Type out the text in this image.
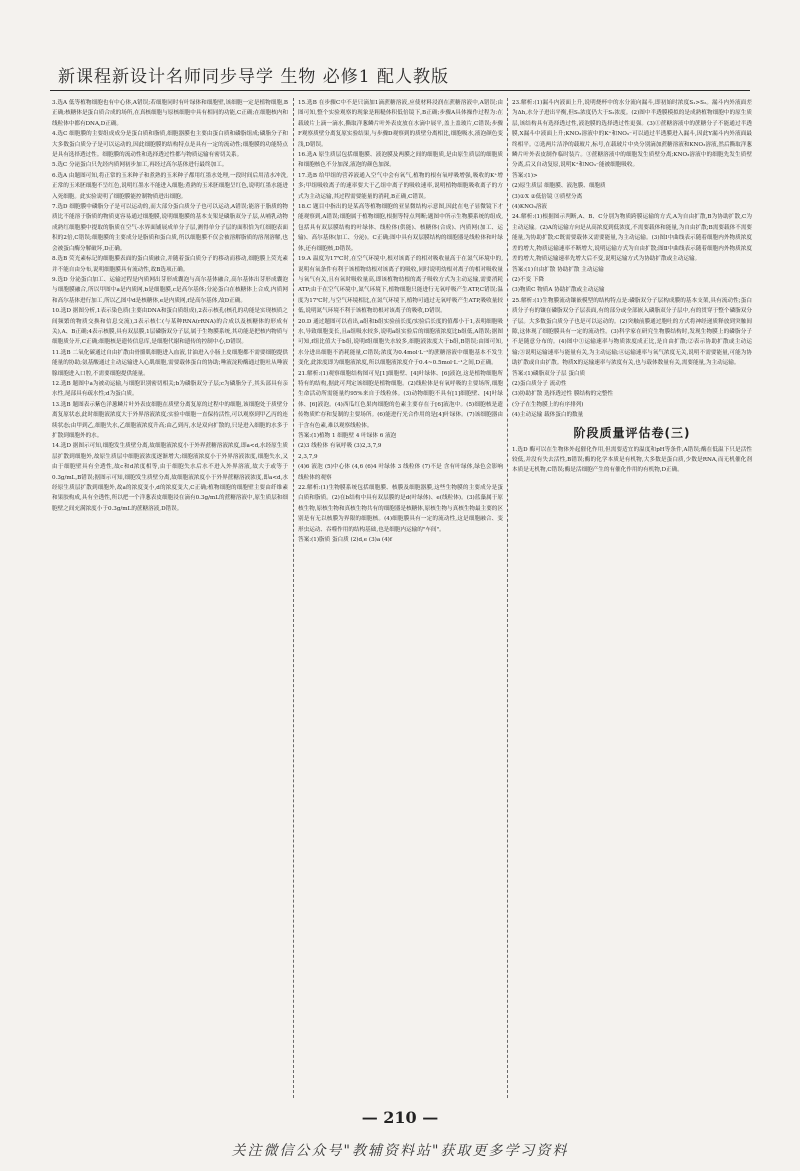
新课程新设计名师同步导学 生物 必修1 配人教版

3.选A 低等植物细胞也有中心体,A错误;若细胞同时有叶绿体和细胞壁,该细胞一定是植物细胞,B正确;核糖体是蛋白质合成的场所,在真核细胞与原核细胞中具有相同的功能,C正确;在细胞核内和线粒体中都有DNA,D正确。

4.选C 细胞膜的主要组成成分是蛋白质和脂质,细胞器膜也主要由蛋白质和磷脂组成;磷脂分子和大多数蛋白质分子是可以运动的,因此细胞膜的结构特点是具有一定的流动性;细胞膜的功能特点是具有选择透过性。细胞膜的流动性和选择透过性都与物质运输有密切关系。

5.选C 分泌蛋白只先经内质网初步加工,再经过高尔基体进行最终加工。

6.选A 由题图可知,将正常的玉米种子和煮熟的玉米种子都用红墨水处理,一段时间后用清水冲洗,正常的玉米胚细胞不呈红色,说明红墨水不能进入细胞;煮熟的玉米胚细胞呈红色,说明红墨水能进入死细胞。此实验说明了细胞膜能控制物质进出细胞。

7.选D 细胞膜中磷脂分子是可以运动的,而大部分蛋白质分子也可以运动,A错误;能溶于脂质的物质比不能溶于脂质的物质更容易通过细胞膜,说明细胞膜的基本支架是磷脂双分子层,从哺乳动物成熟红细胞膜中提取的脂质在空气-水界面铺展成单分子层,测得单分子层的面积恰为红细胞表面积的2倍,C错误;细胞膜的主要成分是脂质和蛋白质,所以细胞膜不仅会被溶解脂质的溶剂溶解,也会被蛋白酶分解破坏,D正确。

8.选B 荧光素标记的细胞膜表面的蛋白质融合,并随着蛋白质分子的移动而移动,细胞膜上荧光素并不能自由分布,说明细胞膜具有流动性,故B选项正确。

9.选D 分泌蛋白加工、运输过程是内质网出芽形成囊泡与高尔基体融合,高尔基体出芽形成囊泡与细胞膜融合,所以甲图中a是内质网,b是细胞膜,c是高尔基体;分泌蛋白在核糖体上合成,内质网和高尔基体进行加工,所以乙图中d是核糖体,e是内质网,f是高尔基体,故D正确。

10.选D 据图分析,1表示染色质(主要由DNA和蛋白质组成),2表示核孔(核孔的功能是实现核质之间频繁的物质交换和信息交流),3表示核仁(与某种RNA(rRNA)的合成以及核糖体的形成有关),A、B正确;4表示核膜,具有双层膜,1层磷脂双分子层,属于生物膜系统,其功能是把核内物质与细胞质分开,C正确;细胞核是遗传信息库,是细胞代谢和遗传的控制中心,D错误。

11.选B 二氧化碳通过自由扩散由骨骼肌细胞进入血液,甘油进入小肠上皮细胞都不需要细胞提供能量的协助;氨基酸通过主动运输进入心肌细胞,需要载体蛋白的协助;唾液淀粉酶通过胞吐从唾液腺细胞进入口腔,不需要细胞提供能量。

12.选B 题图中a为被动运输,与细胞识别密切相关;b为磷脂双分子层;c为磷脂分子,其头部具有亲水性,尾部具有疏水性;d为蛋白质。

13.选B 题图表示紫色洋葱鳞片叶外表皮细胞在质壁分离复原的过程中的细胞,该细胞处于质壁分离复原状态,此时细胞液浓度大于外界溶液浓度;实验中细胞一直保持活性,可以观察到甲乙丙的连续状态;由甲到乙,细胞失水,乙细胞液浓度升高;由乙到丙,水是双向扩散的,只是进入细胞的水多于扩散到细胞外的水。

14.选D 据图示可知,细胞发生质壁分离,故细胞液浓度小于外界蔗糖溶液浓度,即a<d,水经原生质层扩散到细胞外,故原生质层中细胞液浓度逐渐增大;细胞液浓度小于外界溶液浓度,细胞失水,又由于细胞壁具有全透性,故c和d浓度相等,由于细胞失水后水不进入外界溶液,故大于或等于0.3g/mL,B错误;据图示可知,细胞发生质壁分离,故细胞液浓度小于外界蔗糖溶液浓度,即a<d,水经原生质层扩散到细胞外,故a的浓度变小,d的浓度变大,C正确;植物细胞的细胞壁主要由纤维素和果胶构成,具有全透性,所以把一个洋葱表皮细胞浸在滴有0.3g/mL的蔗糖溶液中,原生质层和细胞壁之间充满浓度小于0.3g/mL的蔗糖溶液,D错误。

15.选B 在步骤C中不是只滴加1滴蔗糖溶液,应使材料浸润在蔗糖溶液中,A错误;由图可知,整个实验观察的现象是粗糙体积低倍镜下,B正确;步骤A具体操作过程为:在载玻片上滴一滴水,撕取洋葱鳞片叶外表皮放在水滴中展平,盖上盖玻片,C错误;步骤F观察质壁分离复原实验结果,与步骤D观察到的质壁分离相比,细胞吸水,液泡颜色变浅,D错误。

16.选A 原生质层包括细胞膜、液泡膜及两膜之间的细胞质,是由原生质层的细胞质和细胞核色不分加深,液泡的颜色加深。

17.选B 给甲组的营养液通入空气中会有氧气,植物的根有氧呼吸增强,吸收的K⁺增多;甲组吸收离子的速率要大于乙组中离子的吸收速率,说明植物细胞吸收离子的方式为主动运输,其过程需要能量的消耗,B正确,C错误。

18.C 题目中指出的是某高等植物细胞的亚显微结构示意图,因此在电子显微镜下才能观察到,A错误;细胞属于植物细胞,根据等特点判断;题图中所示生物膜系统的组成,包括具有双层膜结构的叶绿体、线粒体(供能)、核糖体(合成)、内质网(加工、运输)、高尔基体(加工、分泌)。C正确;图中具有双层膜结构的细胞器是线粒体和叶绿体,还有细胞核,D错误。

19.A 温度为17℃时,在空气环境中,根对该离子的相对吸收量高于在氮气环境中的,说明有氧条件有利于该植物幼根对该离子的吸收,同时说明幼根对离子的相对吸收量与氧气有关,且有氧时吸收量高,即该植物幼根的离子吸收方式为主动运输,需要消耗ATP;由于在空气环境中,氮气环境下,植物细胞只能进行无氧呼吸产生ATP,C错误;温度为17℃时,与空气环境相比,在氮气环境下,植物可通过无氧呼吸产生ATP,吸收量较低,说明氮气环境不利于该植物幼根对该离子的吸收,D错误。

20.D 通过题图可以看出,a组和b组实验前长度/实验后长度的值都小于1,表明细胞吸水,导致细胞变长,且a组吸水较多,说明a组实验后的细胞液浓度比b组低,A错误;据图可知,f组比值大于b组,说明f组细胞失水较多,细胞液浓度大于b组,B错误;由图可知,水分进出细胞不消耗能量,C错误;浓度为0.4mol·L⁻¹的蔗糖溶液中细胞基本不发生变化,此浓度即为细胞液浓度,所以细胞液浓度介于0.4~0.5mol·L⁻¹之间,D正确。

21.解析:(1)观察细胞结构图可见[1]细胞壁、[4]叶绿体、[6]液泡,这是植物细胞所特有的结构,据此可判定该细胞是植物细胞。(2)线粒体是有氧呼吸的主要场所,细胞生命活动所需能量约95%来自于线粒体。(3)动物细胞不具有[1]细胞壁、[4]叶绿体、[6]液泡。(4)西瓜红色果肉细胞的色素主要存在于[6]液泡中。(5)细胞核是遗传物质贮存和复制的主要场所。(6)能进行光合作用的是[4]叶绿体。(7)该细胞器由于含有色素,难以观察线粒体。

答案:(1)植物 1 细胞壁 4 叶绿体 6 液泡

(2)3 线粒体 有氧呼吸 (3)2,3,7,9

2,3,7,9

(4)6 液泡 (5)中心体 (4,6 (6)4 叶绿体 3 线粒体 (7)不是 含有叶绿体,绿色会影响线粒体的观察

22.解析:(1)生物膜系统包括细胞膜、核膜及细胞器膜,这些生物膜的主要成分是蛋白质和脂质。(2)在b结构中具有双层膜的是d(叶绿体)、e(线粒体)。(3)蓝藻属于原核生物,原核生物和真核生物共有的细胞器是核糖体,原核生物与真核生物最主要的区别是有无以核膜为界限的细胞核。(4)细胞膜具有一定的流动性,这是细胞融合、变形虫运动、吞噬作用的结构基础,也是细胞内运输的"车间"。

答案:(1)脂质 蛋白质 (2)d,e (3)a (4)f

23.解析:(1)漏斗内液面上升,说明烧杯中的水分流向漏斗,即初始时浓度S₁>S₂。漏斗内外液面差为Δh,水分子进出平衡,但S₁浓度仍大于S₂浓度。(2)图中半透膜模拟的是成熟植物细胞中的原生质层,该结构具有选择透过性,液泡膜的选择透过性更强。(3)①蔗糖溶液中的蔗糖分子不能通过半透膜,X漏斗中液面上升;KNO₃溶液中的K⁺和NO₃⁻可以通过半透膜进入漏斗,因此Y漏斗内外液面最终相平。②选两片洁净的载玻片,标号,在载玻片中央分别滴加蔗糖溶液和KNO₃溶液,然后撕取洋葱鳞片叶外表皮制作临时装片。③蔗糖溶液中的细胞发生质壁分离;KNO₃溶液中的细胞先发生质壁分离,后又自动复原,说明K⁺和NO₃⁻能被细胞吸收。

答案:(1)>

(2)原生质层 细胞膜、液泡膜、细胞质

(3)①X ②低倍镜 ③质壁分离

(4)KNO₃溶液

24.解析:(1)根据图示判断,A、B、C分别为物质跨膜运输的方式,A为自由扩散,B为协助扩散,C为主动运输。(2)A的运输方向是从高浓度到低浓度,不需要载体和能量,为自由扩散;B需要载体不需要能量,为协助扩散;C既需要载体又需要能量,为主动运输。(3)图Ⅰ中曲线表示随着细胞内外物质浓度差的增大,物质运输速率不断增大,说明运输方式为自由扩散;图Ⅱ中曲线表示随着细胞内外物质浓度差的增大,物质运输速率先增大后不变,说明运输方式为协助扩散或主动运输。

答案:(1)自由扩散 协助扩散 主动运输

(2)不变 下降

(3)物质C 物质A 协助扩散或主动运输

25.解析:(1)生物膜流动镶嵌模型的结构特点是:磷脂双分子层构成膜的基本支架,具有流动性;蛋白质分子有的镶在磷脂双分子层表面,有的部分或全部嵌入磷脂双分子层中,有的贯穿于整个磷脂双分子层。大多数蛋白质分子也是可以运动的。(2)突触前膜通过胞吐的方式将神经递质释放到突触间隙,这体现了细胞膜具有一定的流动性。(3)科学家在研究生物膜结构时,发现生物膜上的磷脂分子不是随意分布的。(4)图中①运输速率与物质浓度成正比,是自由扩散;②表示协助扩散或主动运输;③说明运输速率与能量有关,为主动运输;④运输速率与氧气浓度无关,说明不需要能量,可能为协助扩散或自由扩散。物质X的运输速率与浓度有关,也与载体数量有关,需要能量,为主动运输。

答案:(1)磷脂双分子层 蛋白质

(2)蛋白质分子 流动性

(3)协助扩散 选择透过性 膜结构的完整性

(分子在生物膜上的有序排列)

(4)主动运输 载体蛋白的数量

阶段质量评估卷(三)

1.选D 酶可以在生物体外起催化作用,但需要适宜的温度和pH等条件,A错误;酶在低温下只是活性较低,并没有失去活性,B错误;酶的化学本质是有机物,大多数是蛋白质,少数是RNA,而无机催化剂本质是无机物,C错误;酶是活细胞产生的有催化作用的有机物,D正确。

— 210 —
关注微信公众号"教辅资料站"获取更多学习资料
